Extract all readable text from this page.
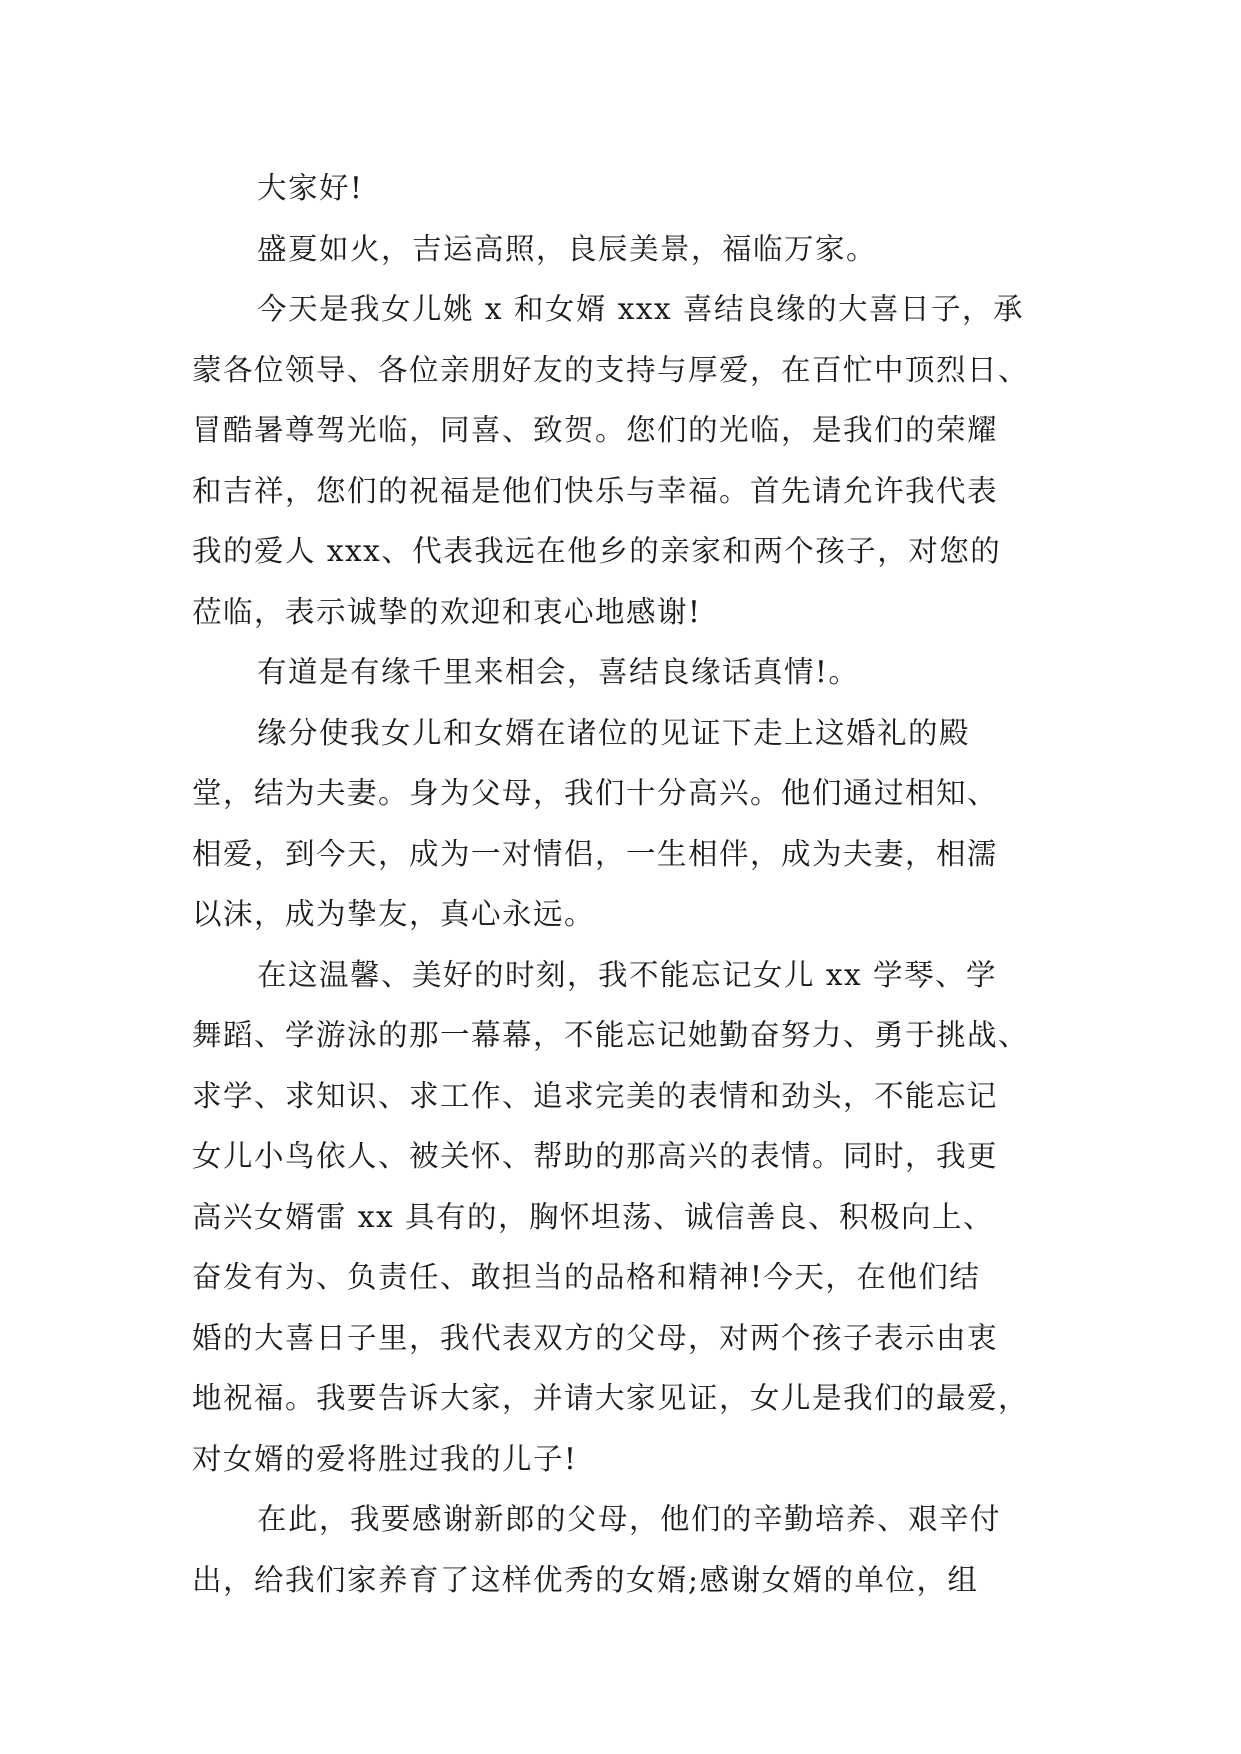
大家好!
盛夏如火，吉运高照，良辰美景，福临万家。
今天是我女儿姚 x 和女婿 xxx 喜结良缘的大喜日子，承
蒙各位领导、各位亲朋好友的支持与厚爱，在百忙中顶烈日、
冒酷暑尊驾光临，同喜、致贺。您们的光临，是我们的荣耀
和吉祥，您们的祝福是他们快乐与幸福。首先请允许我代表
我的爱人 xxx、代表我远在他乡的亲家和两个孩子，对您的
莅临，表示诚挚的欢迎和衷心地感谢!
有道是有缘千里来相会，喜结良缘话真情!。
缘分使我女儿和女婿在诸位的见证下走上这婚礼的殿
堂，结为夫妻。身为父母，我们十分高兴。他们通过相知、
相爱，到今天，成为一对情侣，一生相伴，成为夫妻，相濡
以沫，成为挚友，真心永远。
在这温馨、美好的时刻，我不能忘记女儿 xx 学琴、学
舞蹈、学游泳的那一幕幕，不能忘记她勤奋努力、勇于挑战、
求学、求知识、求工作、追求完美的表情和劲头，不能忘记
女儿小鸟依人、被关怀、帮助的那高兴的表情。同时，我更
高兴女婿雷 xx 具有的，胸怀坦荡、诚信善良、积极向上、
奋发有为、负责任、敢担当的品格和精神!今天，在他们结
婚的大喜日子里，我代表双方的父母，对两个孩子表示由衷
地祝福。我要告诉大家，并请大家见证，女儿是我们的最爱，
对女婿的爱将胜过我的儿子!
在此，我要感谢新郎的父母，他们的辛勤培养、艰辛付
出，给我们家养育了这样优秀的女婿;感谢女婿的单位，组
